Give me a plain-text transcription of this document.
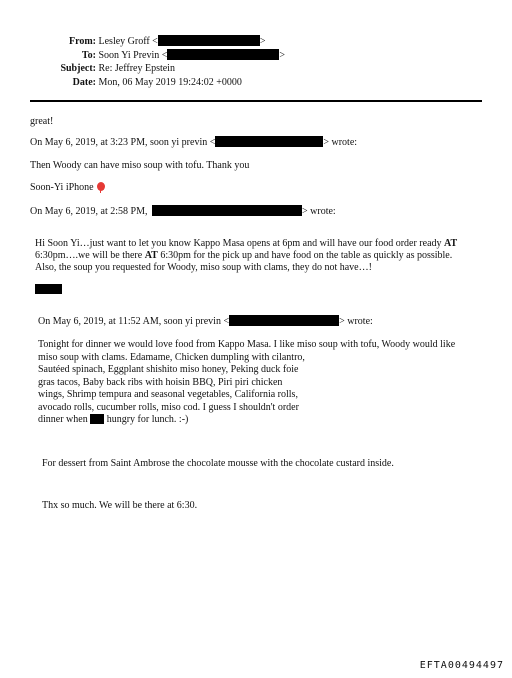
From: Lesley Groff <	>
To: Soon Yi Previn <	>
Subject: Re: Jeffrey Epstein
Date: Mon, 06 May 2019 19:24:02 +0000
great!
On May 6, 2019, at 3:23 PM, soon yi previn <	> wrote:
Then Woody can have miso soup with tofu. Thank you
Soon-Yi iPhone
On May 6, 2019, at 2:58 PM,	> wrote:
Hi Soon Yi…just want to let you know Kappo Masa opens at 6pm and will have our food order ready AT
6:30pm….we will be there AT 6:30pm for the pick up and have food on the table as quickly as possible.
Also, the soup you requested for Woody, miso soup with clams, they do not have…!
On May 6, 2019, at 11:52 AM, soon yi previn <	> wrote:
Tonight for dinner we would love food from Kappo Masa. I like miso soup with tofu, Woody would like
miso soup with clams. Edamame, Chicken dumpling with cilantro,
Sautéed spinach, Eggplant shishito miso honey, Peking duck foie
gras tacos, Baby back ribs with hoisin BBQ, Piri piri chicken
wings, Shrimp tempura and seasonal vegetables, California rolls,
avocado rolls, cucumber rolls, miso cod. I guess I shouldn't order
dinner when hungry for lunch. :-)
For dessert from Saint Ambrose the chocolate mousse with the chocolate custard inside.
Thx so much. We will be there at 6:30.
EFTA00494497
